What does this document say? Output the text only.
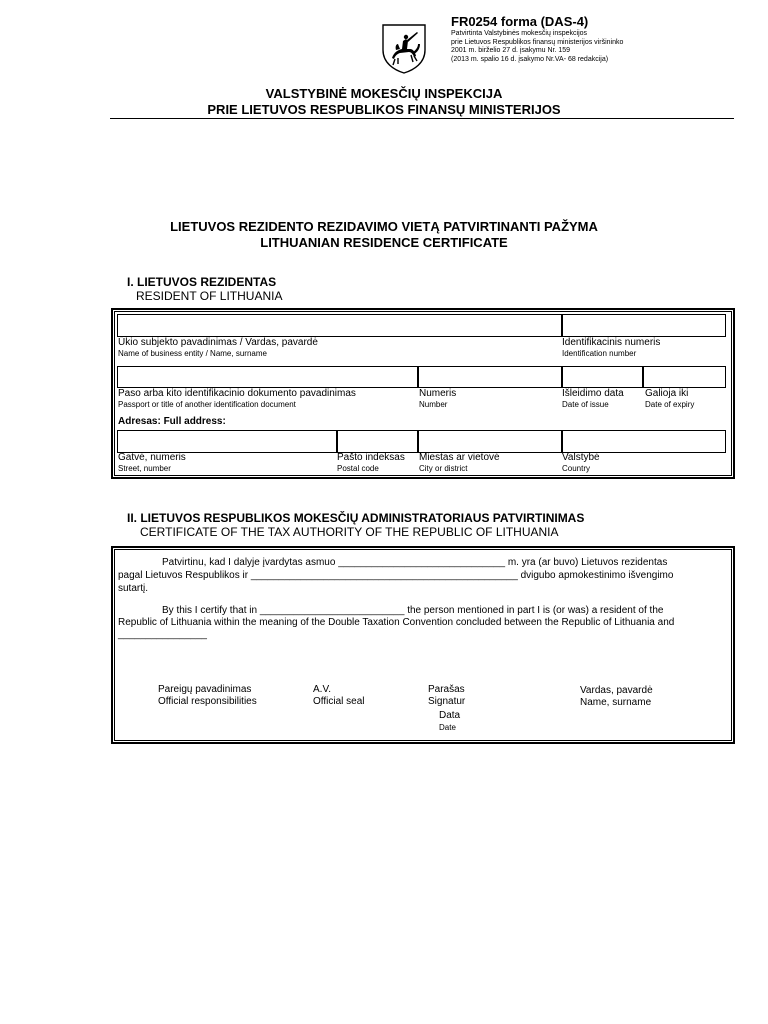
FR0254 forma (DAS-4)
Patvirtinta Valstybinės mokesčių inspekcijos
prie Lietuvos Respublikos finansų ministerijos viršininko
2001 m. birželio 27 d. įsakymu Nr. 159
(2013 m. spalio 16 d. įsakymo Nr.VA- 68 redakcija)
VALSTYBINĖ MOKESČIŲ INSPEKCIJA
PRIE LIETUVOS RESPUBLIKOS FINANSŲ MINISTERIJOS
LIETUVOS REZIDENTO REZIDAVIMO VIETĄ PATVIRTINANTI PAŽYMA
LITHUANIAN RESIDENCE CERTIFICATE
I. LIETUVOS REZIDENTAS
RESIDENT OF LITHUANIA
Ūkio subjekto pavadinimas / Vardas, pavardė
Name of business entity / Name, surname
Identifikacinis numeris
Identification number
Paso arba kito identifikacinio dokumento pavadinimas
Passport or title of another identification document
Numeris
Number
Išleidimo data
Date of issue
Galioja iki
Date of expiry
Adresas: Full address:
Gatvė, numeris
Street, number
Pašto indeksas
Postal code
Miestas ar vietovė
City or district
Valstybė
Country
II. LIETUVOS RESPUBLIKOS MOKESČIŲ ADMINISTRATORIAUS PATVIRTINIMAS
CERTIFICATE OF THE TAX AUTHORITY OF THE REPUBLIC OF LITHUANIA
Patvirtinu, kad I dalyje įvardytas asmuo ______________________________ m. yra (ar buvo) Lietuvos rezidentas
pagal Lietuvos Respublikos ir ________________________________________________ dvigubo apmokestinimo išvengimo
sutartį.
By this I certify that in __________________________ the person mentioned in part I is (or was) a resident of the
Republic of Lithuania within the meaning of the Double Taxation Convention concluded between the Republic of Lithuania and
________________
Pareigų pavadinimas
Official responsibilities
A.V.
Official seal
Parašas
Signatur
Data
Date
Vardas, pavardė
Name, surname
